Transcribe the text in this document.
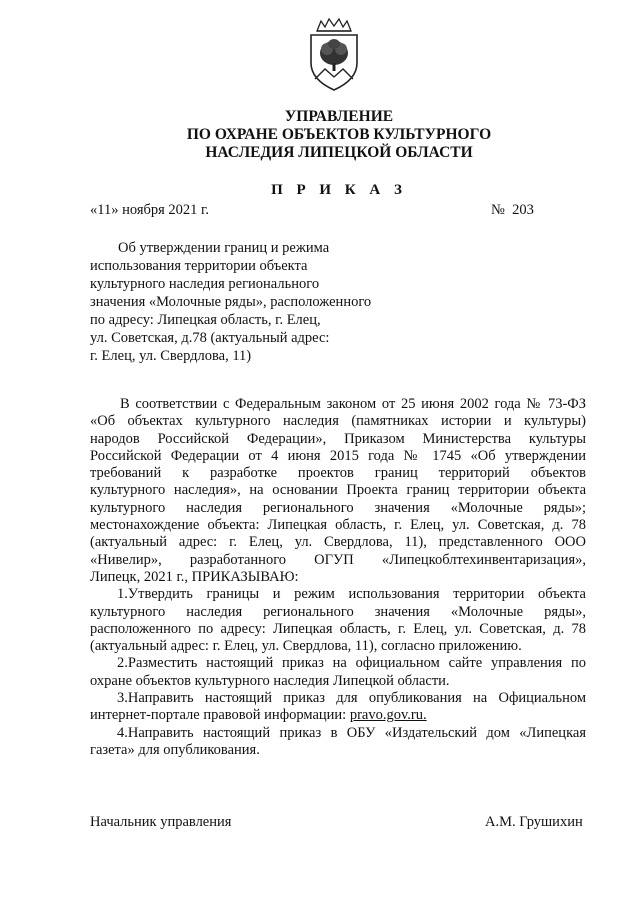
УПРАВЛЕНИЕ
ПО ОХРАНЕ ОБЪЕКТОВ КУЛЬТУРНОГО
НАСЛЕДИЯ ЛИПЕЦКОЙ ОБЛАСТИ
П Р И К А З
«11» ноября 2021 г.	№  203
Об утверждении границ и режима
использования территории объекта
культурного наследия регионального
значения «Молочные ряды», расположенного
по адресу: Липецкая область, г. Елец,
ул. Советская, д.78 (актуальный адрес:
г. Елец, ул. Свердлова, 11)
В соответствии с Федеральным законом от 25 июня 2002 года № 73-ФЗ
«Об объектах культурного наследия (памятниках истории и культуры)
народов Российской Федерации», Приказом Министерства культуры
Российской Федерации от 4 июня 2015 года № 1745 «Об утверждении
требований к разработке проектов границ территорий объектов
культурного наследия», на основании Проекта границ территории объекта
культурного наследия регионального значения «Молочные ряды»;
местонахождение объекта: Липецкая область, г. Елец, ул. Советская, д. 78
(актуальный адрес: г. Елец, ул. Свердлова, 11), представленного ООО
«Нивелир», разработанного ОГУП «Липецкоблтехинвентаризация»,
Липецк, 2021 г., ПРИКАЗЫВАЮ:
1.Утвердить границы и режим использования территории объекта
культурного наследия регионального значения «Молочные ряды»,
расположенного по адресу: Липецкая область, г. Елец, ул. Советская, д. 78
(актуальный адрес: г. Елец, ул. Свердлова, 11), согласно приложению.
2.Разместить настоящий приказ на официальном сайте управления по
охране объектов культурного наследия Липецкой области.
3.Направить настоящий приказ для опубликования на Официальном
интернет-портале правовой информации: pravo.gov.ru.
4.Направить настоящий приказ в ОБУ «Издательский дом «Липецкая
газета» для опубликования.
Начальник управления	А.М. Грушихин
